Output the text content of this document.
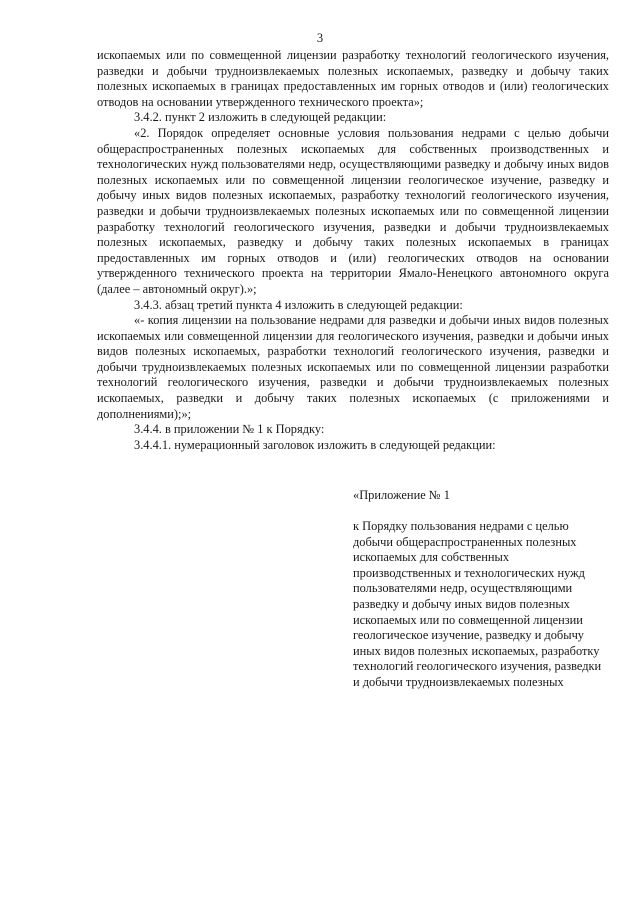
3

ископаемых или по совмещенной лицензии разработку технологий геологического изучения, разведки и добычи трудноизвлекаемых полезных ископаемых, разведку и добычу таких полезных ископаемых в границах предоставленных им горных отводов и (или) геологических отводов на основании утвержденного технического проекта»;

3.4.2. пункт 2 изложить в следующей редакции:

«2. Порядок определяет основные условия пользования недрами с целью добычи общераспространенных полезных ископаемых для собственных производственных и технологических нужд пользователями недр, осуществляющими разведку и добычу иных видов полезных ископаемых или по совмещенной лицензии геологическое изучение, разведку и добычу иных видов полезных ископаемых, разработку технологий геологического изучения, разведки и добычи трудноизвлекаемых полезных ископаемых или по совмещенной лицензии разработку технологий геологического изучения, разведки и добычи трудноизвлекаемых полезных ископаемых, разведку и добычу таких полезных ископаемых в границах предоставленных им горных отводов и (или) геологических отводов на основании утвержденного технического проекта на территории Ямало-Ненецкого автономного округа (далее – автономный округ).»;

3.4.3. абзац третий пункта 4 изложить в следующей редакции:

«- копия лицензии на пользование недрами для разведки и добычи иных видов полезных ископаемых или совмещенной лицензии для геологического изучения, разведки и добычи иных видов полезных ископаемых, разработки технологий геологического изучения, разведки и добычи трудноизвлекаемых полезных ископаемых или по совмещенной лицензии разработки технологий геологического изучения, разведки и добычи трудноизвлекаемых полезных ископаемых, разведки и добычу таких полезных ископаемых (с приложениями и дополнениями);»;

3.4.4. в приложении № 1 к Порядку:

3.4.4.1. нумерационный заголовок изложить в следующей редакции:

«Приложение № 1
к Порядку пользования недрами с целью добычи общераспространенных полезных ископаемых для собственных производственных и технологических нужд пользователями недр, осуществляющими разведку и добычу иных видов полезных ископаемых или по совмещенной лицензии геологическое изучение, разведку и добычу иных видов полезных ископаемых, разработку технологий геологического изучения, разведки и добычи трудноизвлекаемых полезных
